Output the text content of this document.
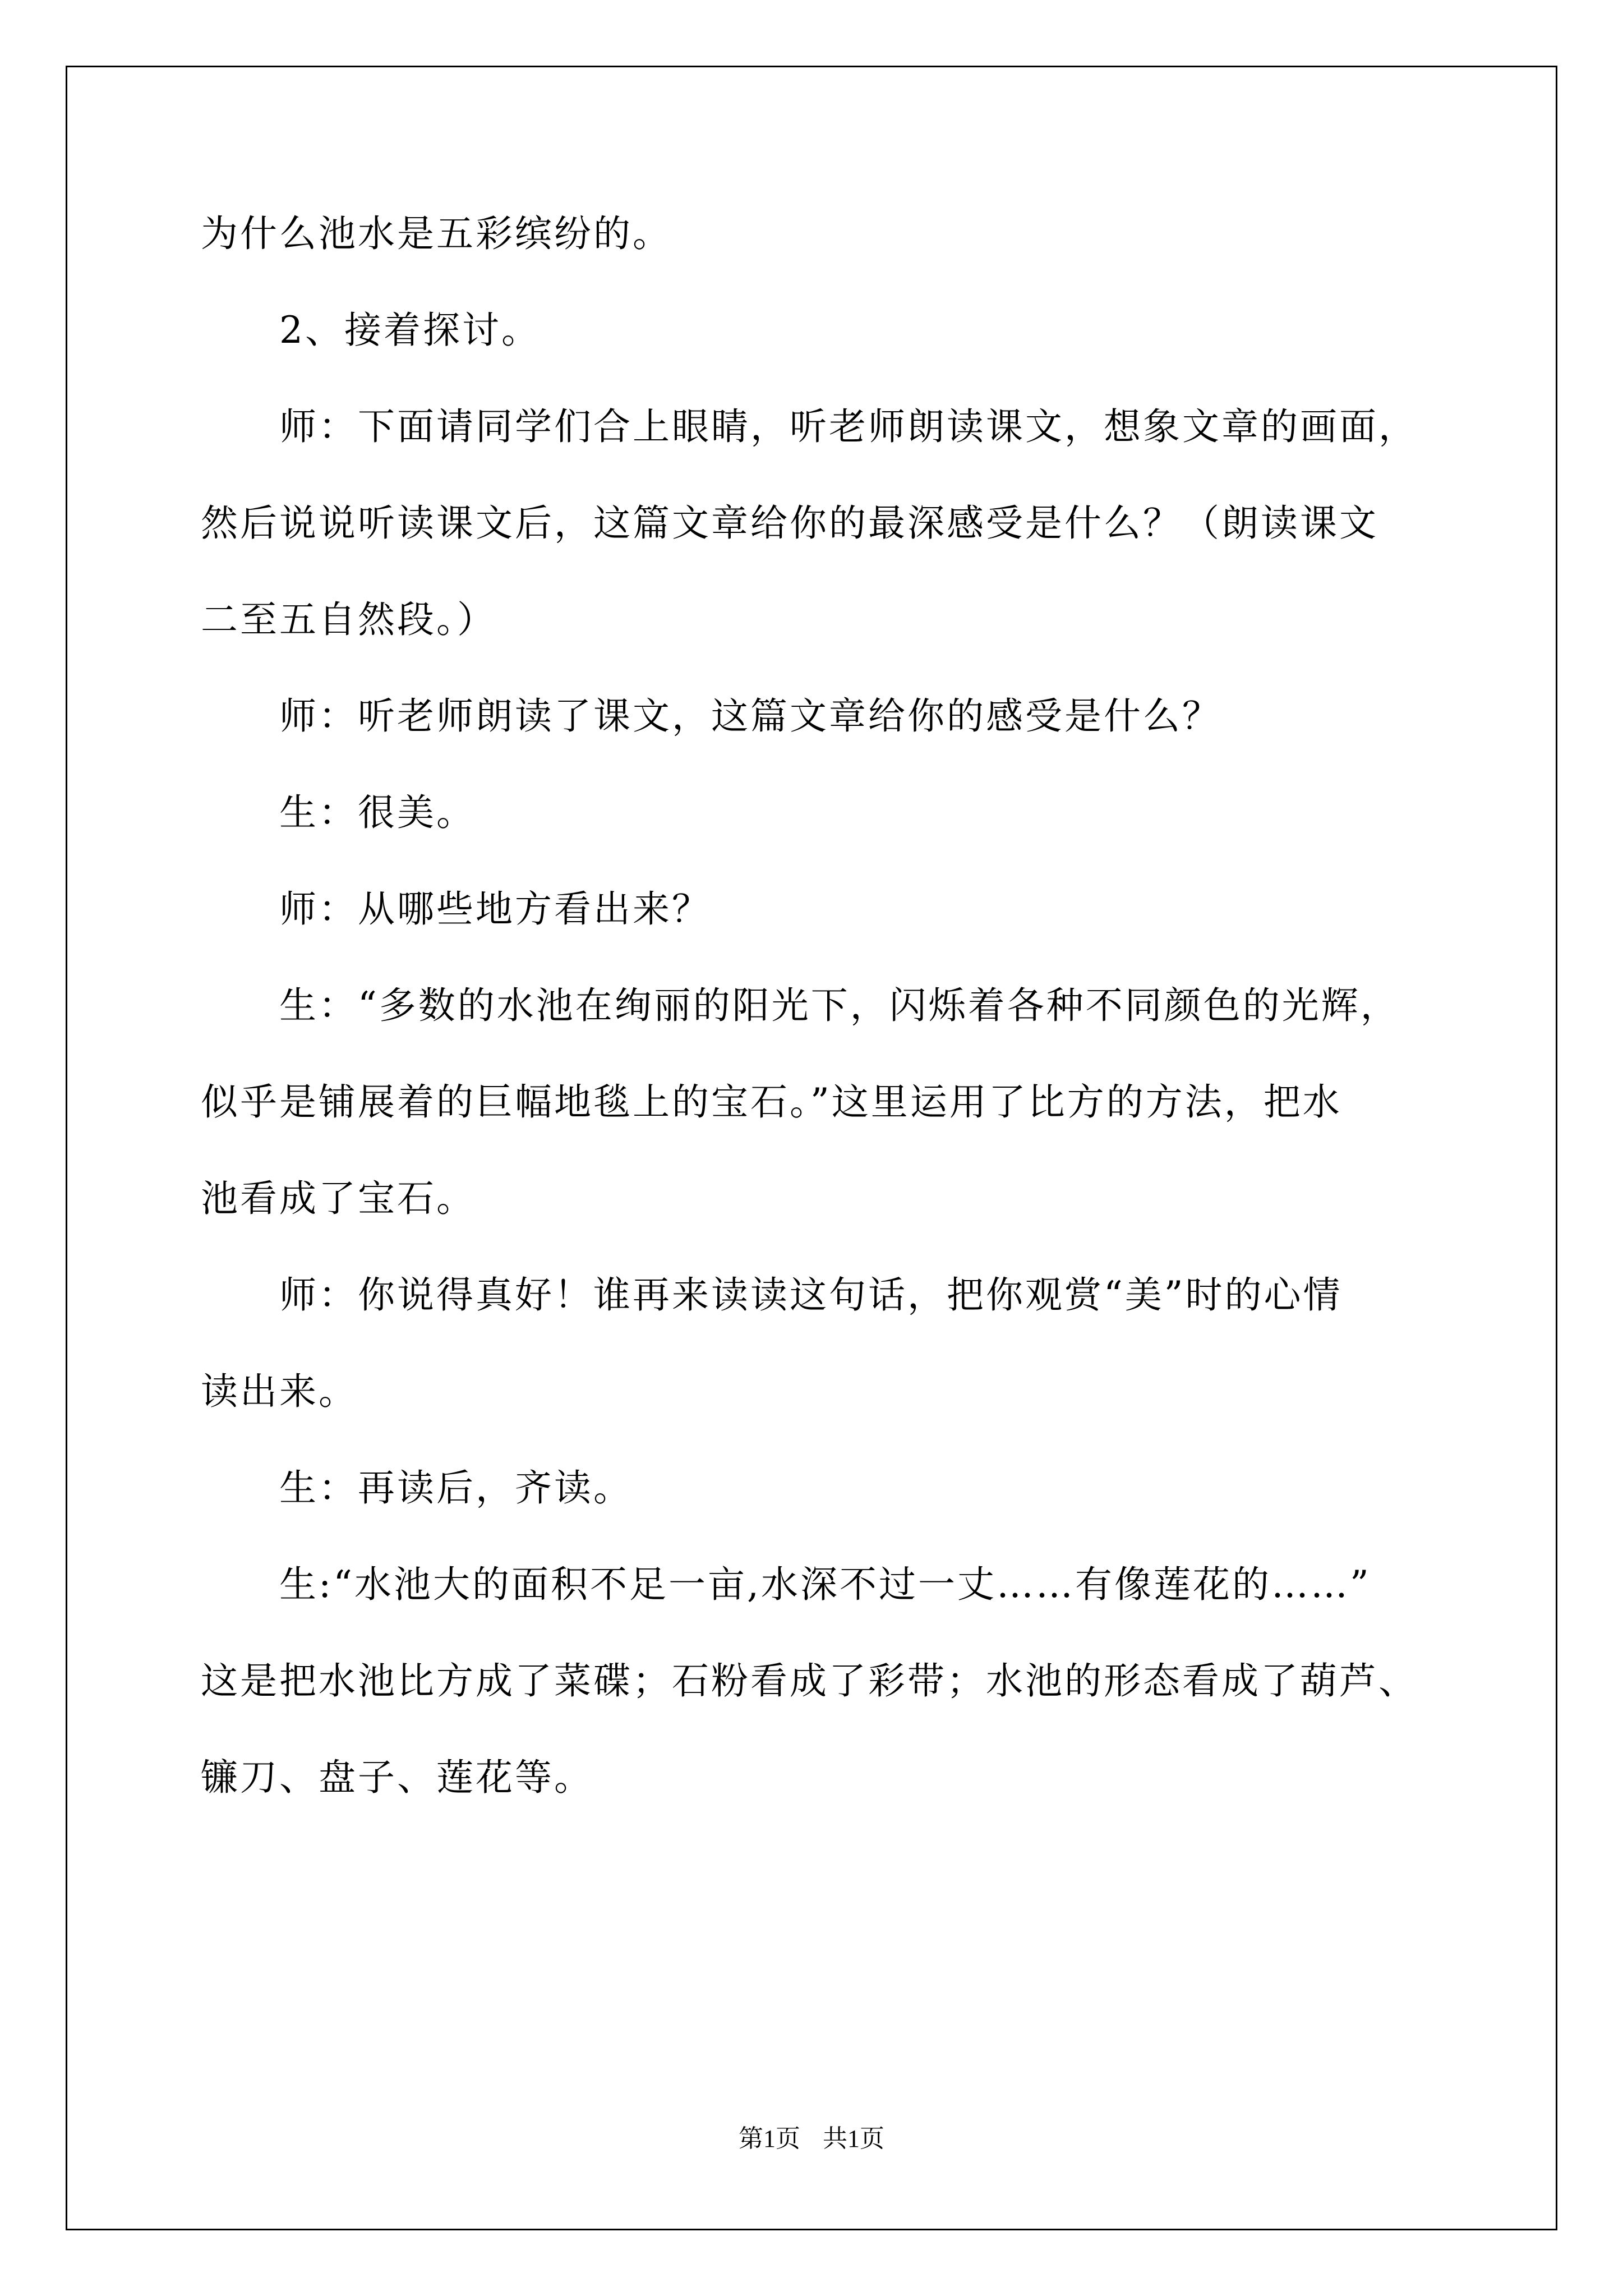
为什么池水是五彩缤纷的。
2、接着探讨。
师：下面请同学们合上眼睛，听老师朗读课文，想象文章的画面，
然后说说听读课文后，这篇文章给你的最深感受是什么？（朗读课文
二至五自然段。）
师：听老师朗读了课文，这篇文章给你的感受是什么？
生：很美。
师：从哪些地方看出来？
生：“多数的水池在绚丽的阳光下，闪烁着各种不同颜色的光辉，
似乎是铺展着的巨幅地毯上的宝石。”这里运用了比方的方法，把水
池看成了宝石。
师：你说得真好！谁再来读读这句话，把你观赏“美”时的心情
读出来。
生：再读后，齐读。
生:“水池大的面积不足一亩,水深不过一丈……有像莲花的……”
这是把水池比方成了菜碟；石粉看成了彩带；水池的形态看成了葫芦、
镰刀、盘子、莲花等。
第1页 共1页
